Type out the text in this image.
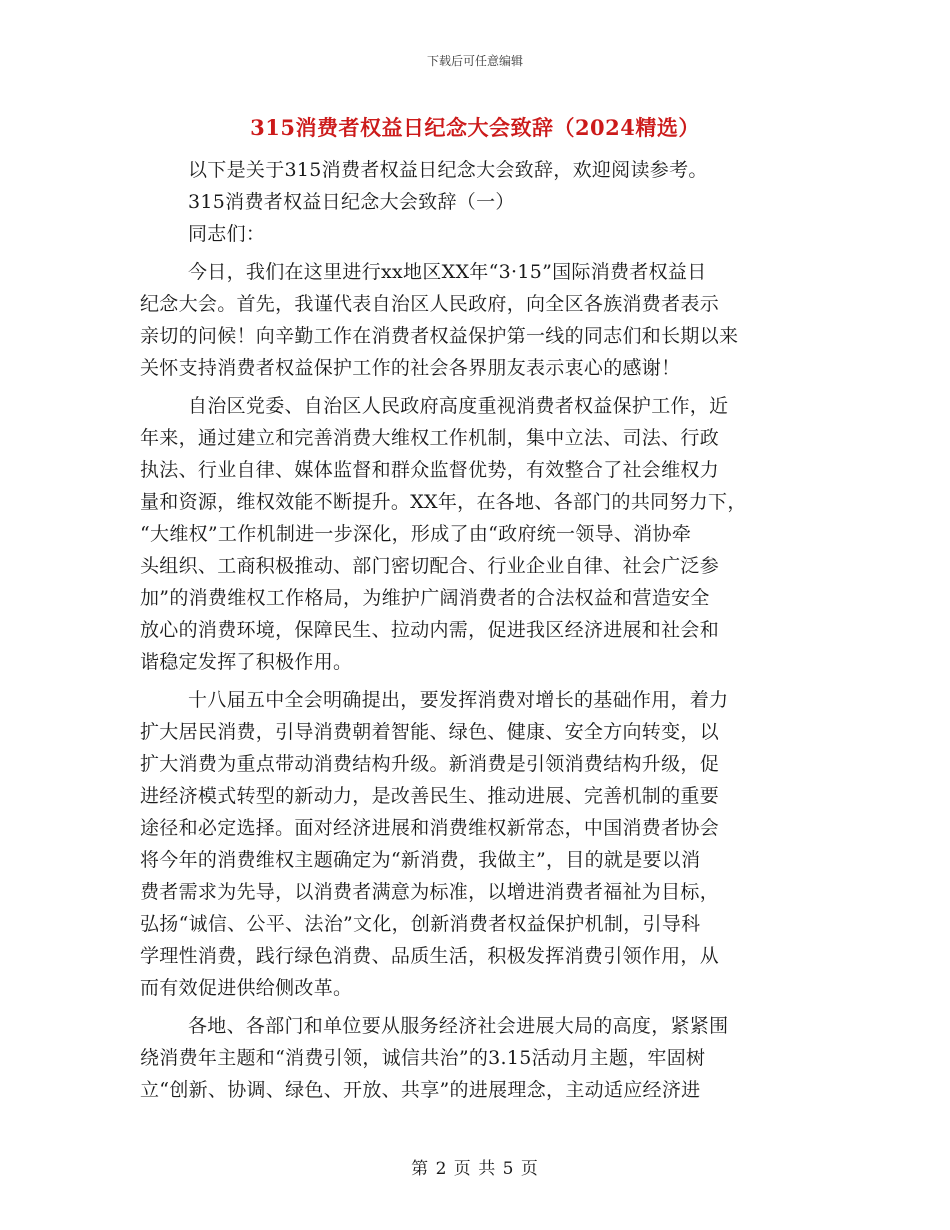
下载后可任意编辑
315消费者权益日纪念大会致辞（2024精选）
以下是关于315消费者权益日纪念大会致辞，欢迎阅读参考。
315消费者权益日纪念大会致辞（一）
同志们：
今日，我们在这里进行xx地区XX年“3·15”国际消费者权益日
纪念大会。首先，我谨代表自治区人民政府，向全区各族消费者表示
亲切的问候！向辛勤工作在消费者权益保护第一线的同志们和长期以来
关怀支持消费者权益保护工作的社会各界朋友表示衷心的感谢！
自治区党委、自治区人民政府高度重视消费者权益保护工作，近
年来，通过建立和完善消费大维权工作机制，集中立法、司法、行政
执法、行业自律、媒体监督和群众监督优势，有效整合了社会维权力
量和资源，维权效能不断提升。XX年，在各地、各部门的共同努力下，
“大维权”工作机制进一步深化，形成了由“政府统一领导、消协牵
头组织、工商积极推动、部门密切配合、行业企业自律、社会广泛参
加”的消费维权工作格局，为维护广阔消费者的合法权益和营造安全
放心的消费环境，保障民生、拉动内需，促进我区经济进展和社会和
谐稳定发挥了积极作用。
十八届五中全会明确提出，要发挥消费对增长的基础作用，着力
扩大居民消费，引导消费朝着智能、绿色、健康、安全方向转变，以
扩大消费为重点带动消费结构升级。新消费是引领消费结构升级，促
进经济模式转型的新动力，是改善民生、推动进展、完善机制的重要
途径和必定选择。面对经济进展和消费维权新常态，中国消费者协会
将今年的消费维权主题确定为“新消费，我做主”，目的就是要以消
费者需求为先导，以消费者满意为标准，以增进消费者福祉为目标，
弘扬“诚信、公平、法治”文化，创新消费者权益保护机制，引导科
学理性消费，践行绿色消费、品质生活，积极发挥消费引领作用，从
而有效促进供给侧改革。
各地、各部门和单位要从服务经济社会进展大局的高度，紧紧围
绕消费年主题和“消费引领，诚信共治”的3.15活动月主题，牢固树
立“创新、协调、绿色、开放、共享”的进展理念，主动适应经济进
第 2 页 共 5 页
